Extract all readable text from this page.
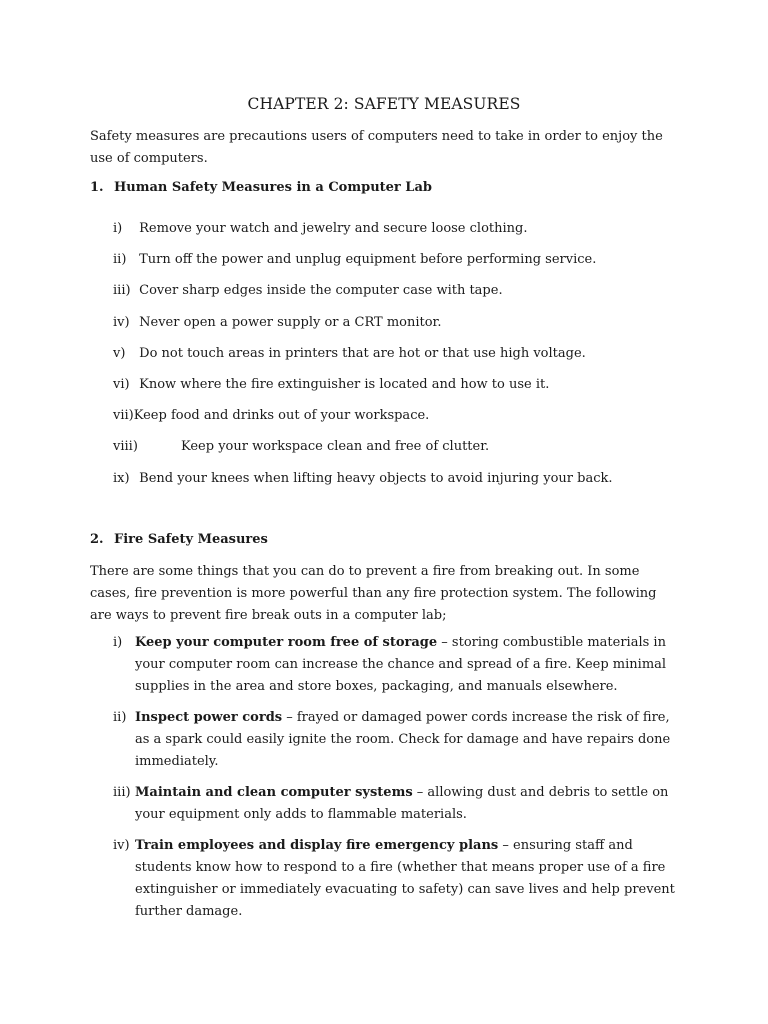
CHAPTER 2: SAFETY MEASURES
Safety measures are precautions users of computers need to take in order to enjoy the use of computers.
1. Human Safety Measures in a Computer Lab
i) Remove your watch and jewelry and secure loose clothing.
ii) Turn off the power and unplug equipment before performing service.
iii) Cover sharp edges inside the computer case with tape.
iv) Never open a power supply or a CRT monitor.
v) Do not touch areas in printers that are hot or that use high voltage.
vi) Know where the fire extinguisher is located and how to use it.
vii)Keep food and drinks out of your workspace.
viii)	Keep your workspace clean and free of clutter.
ix) Bend your knees when lifting heavy objects to avoid injuring your back.
2. Fire Safety Measures
There are some things that you can do to prevent a fire from breaking out. In some cases, fire prevention is more powerful than any fire protection system. The following are ways to prevent fire break outs in a computer lab;
i) Keep your computer room free of storage – storing combustible materials in your computer room can increase the chance and spread of a fire. Keep minimal supplies in the area and store boxes, packaging, and manuals elsewhere.
ii) Inspect power cords – frayed or damaged power cords increase the risk of fire, as a spark could easily ignite the room. Check for damage and have repairs done immediately.
iii) Maintain and clean computer systems – allowing dust and debris to settle on your equipment only adds to flammable materials.
iv) Train employees and display fire emergency plans – ensuring staff and students know how to respond to a fire (whether that means proper use of a fire extinguisher or immediately evacuating to safety) can save lives and help prevent further damage.
